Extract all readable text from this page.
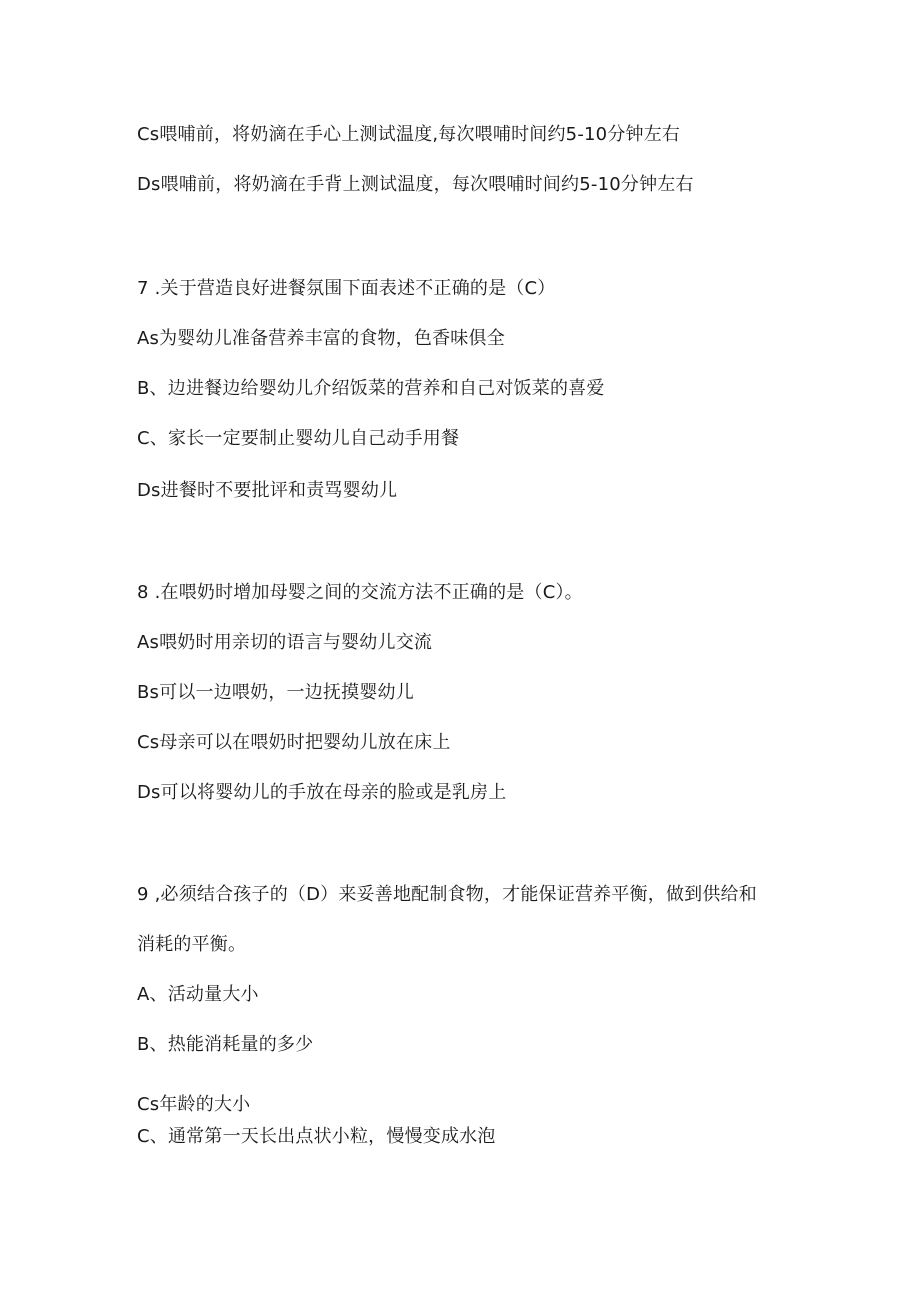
Cs喂哺前，将奶滴在手心上测试温度,每次喂哺时间约5-10分钟左右
Ds喂哺前，将奶滴在手背上测试温度，每次喂哺时间约5-10分钟左右
7 .关于营造良好进餐氛围下面表述不正确的是（C）
As为婴幼儿准备营养丰富的食物，色香味俱全
B、边进餐边给婴幼儿介绍饭菜的营养和自己对饭菜的喜爱
C、家长一定要制止婴幼儿自己动手用餐
Ds进餐时不要批评和责骂婴幼儿
8 .在喂奶时增加母婴之间的交流方法不正确的是（C）。
As喂奶时用亲切的语言与婴幼儿交流
Bs可以一边喂奶，一边抚摸婴幼儿
Cs母亲可以在喂奶时把婴幼儿放在床上
Ds可以将婴幼儿的手放在母亲的脸或是乳房上
9 ,必须结合孩子的（D）来妥善地配制食物，才能保证营养平衡，做到供给和
消耗的平衡。
A、活动量大小
B、热能消耗量的多少
Cs年龄的大小
C、通常第一天长出点状小粒，慢慢变成水泡
